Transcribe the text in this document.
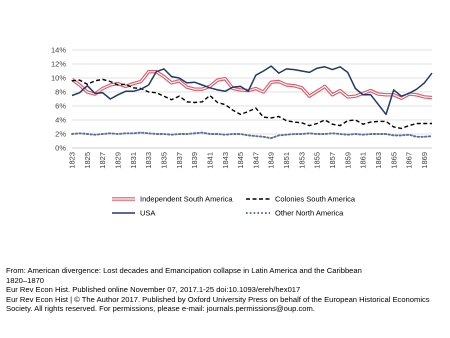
0%
2%
4%
6%
8%
10%
12%
14%
1823 1825 1827 1829 1831 1833 1835 1837 1839 1841 1843 1845 1847 1849 1851 1853 1855 1857 1859 1861 1863 1865 1867 1869
Independent South America	Colonies South America
USA	Other North America
From: American divergence: Lost decades and Emancipation collapse in Latin America and the Caribbean
1820–1870
Eur Rev Econ Hist. Published online November 07, 2017.1-25 doi:10.1093/ereh/hex017
Eur Rev Econ Hist | © The Author 2017. Published by Oxford University Press on behalf of the European Historical Economics
Society. All rights reserved. For permissions, please e-mail: journals.permissions@oup.com.
